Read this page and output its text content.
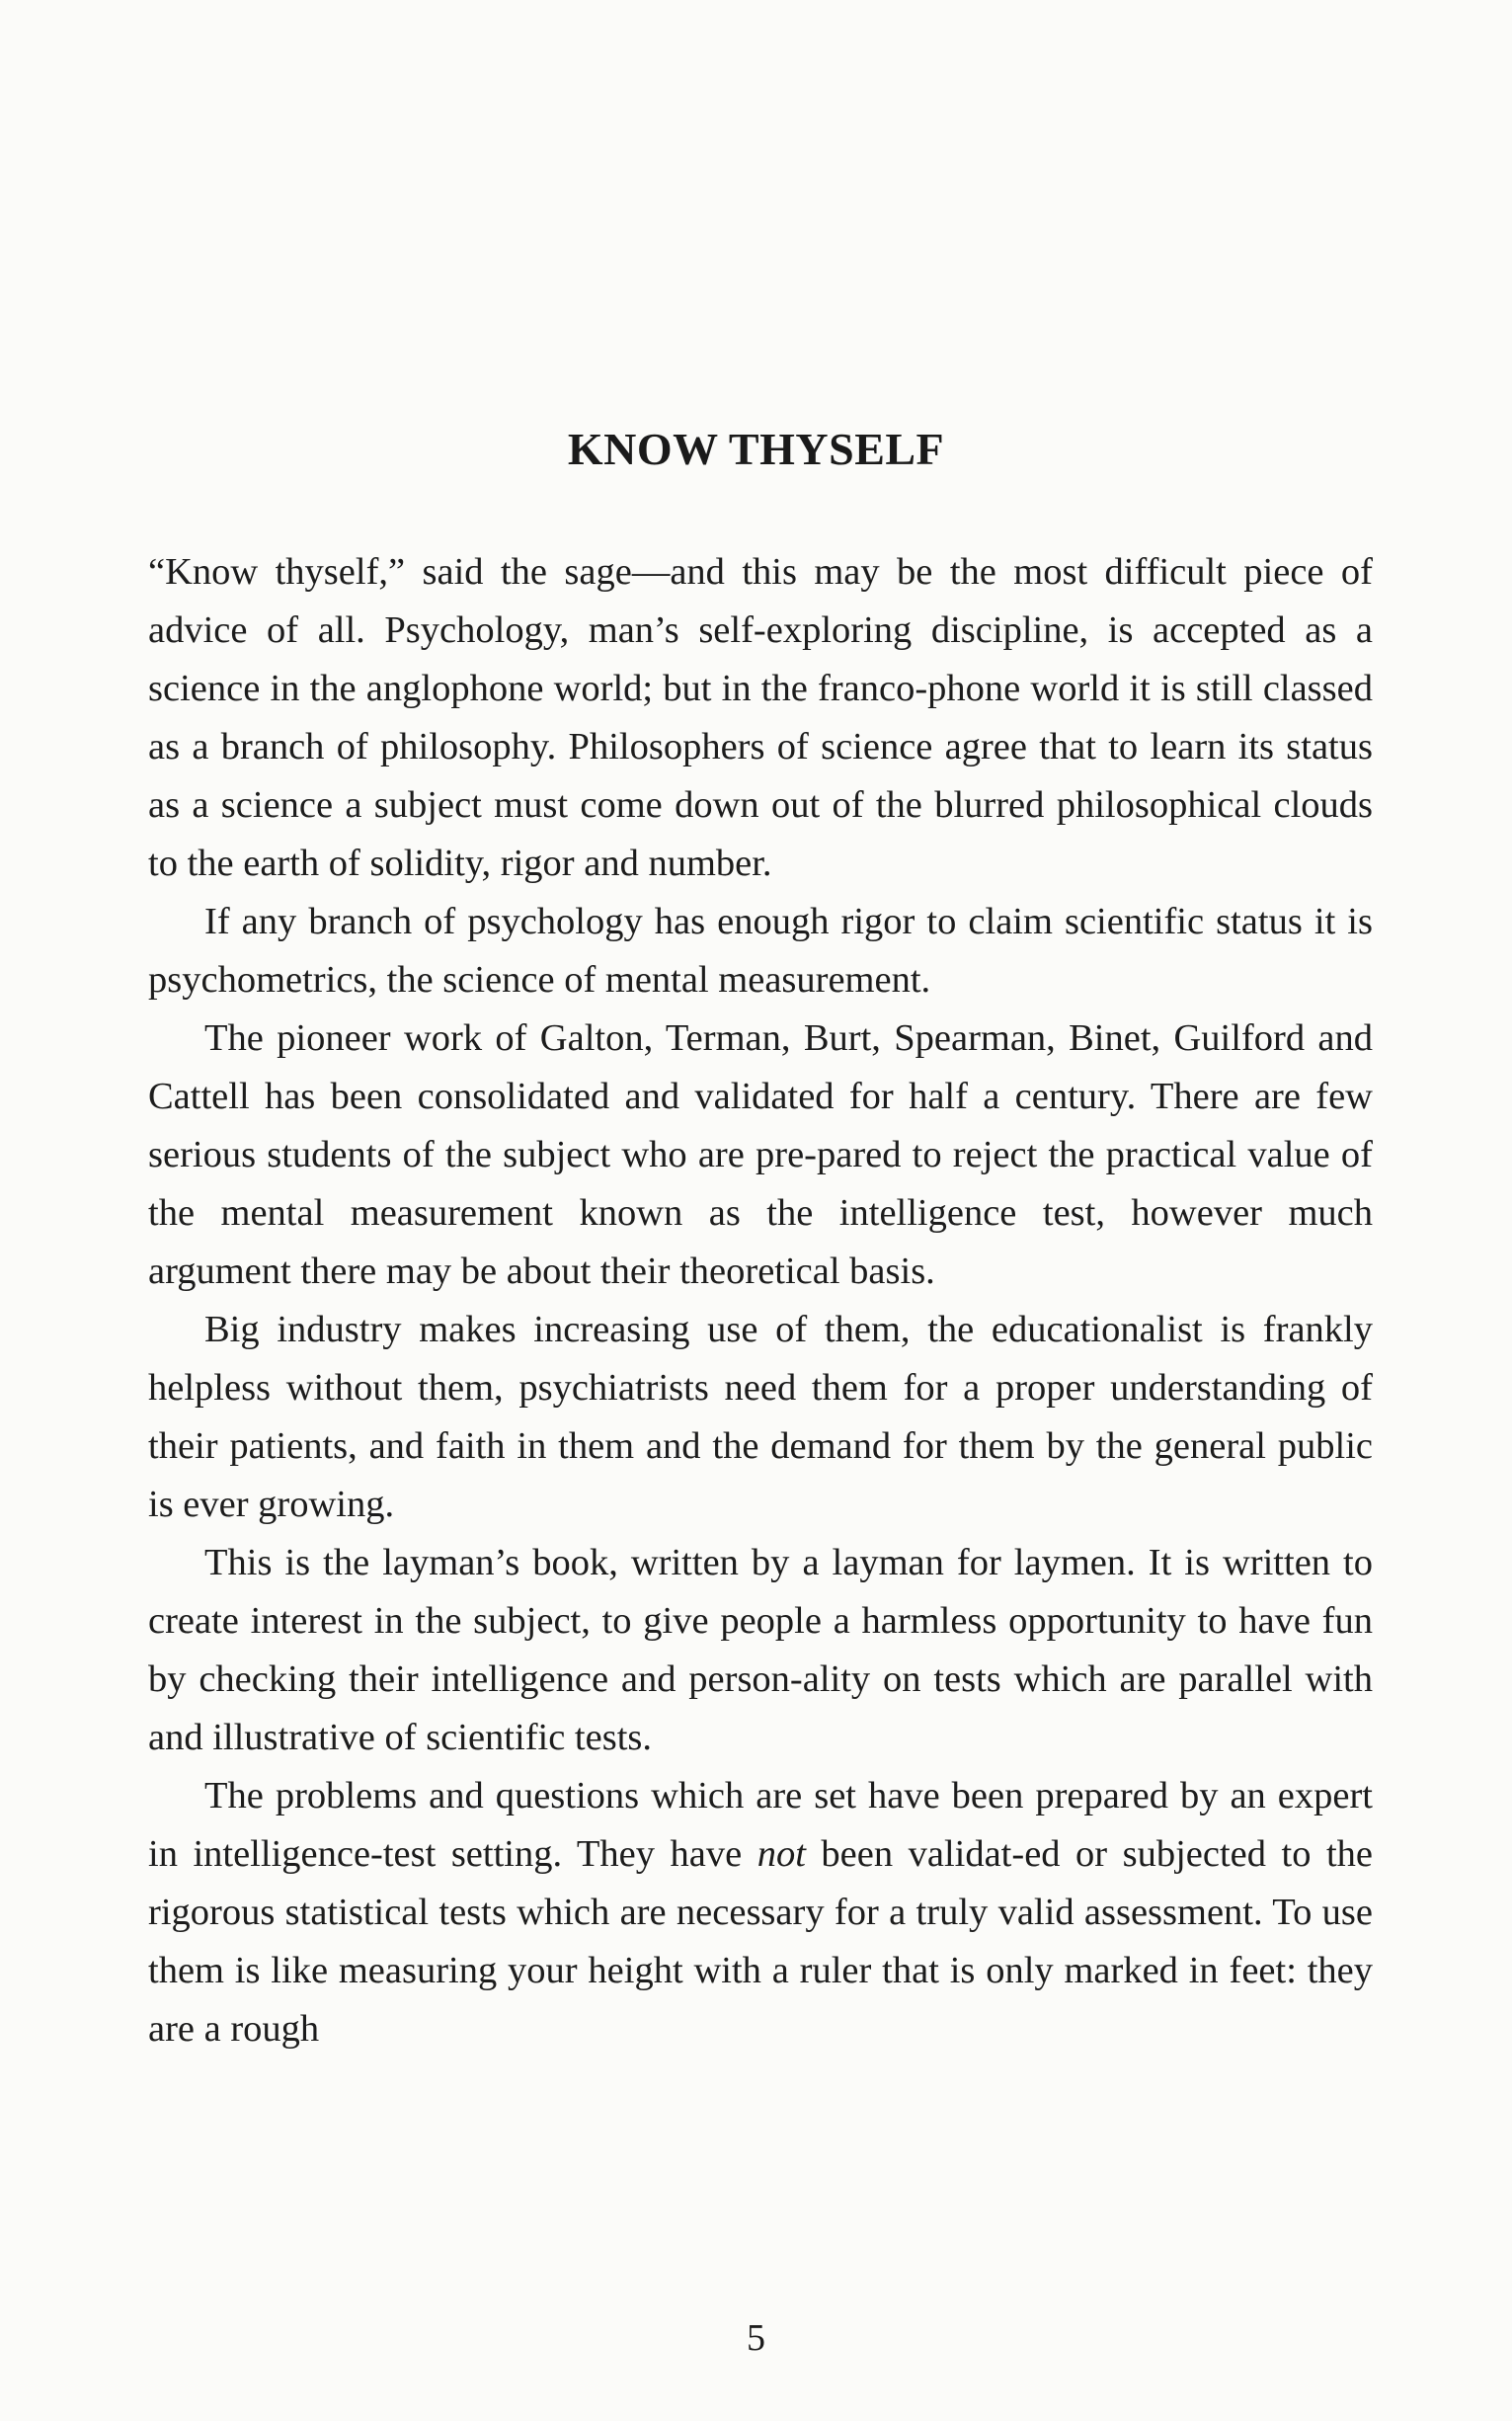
KNOW THYSELF

“Know thyself,” said the sage—and this may be the most difficult piece of advice of all. Psychology, man’s self-exploring discipline, is accepted as a science in the anglophone world; but in the franco-phone world it is still classed as a branch of philosophy. Philosophers of science agree that to learn its status as a science a subject must come down out of the blurred philosophical clouds to the earth of solidity, rigor and number.

If any branch of psychology has enough rigor to claim scientific status it is psychometrics, the science of mental measurement.

The pioneer work of Galton, Terman, Burt, Spearman, Binet, Guilford and Cattell has been consolidated and validated for half a century. There are few serious students of the subject who are pre-pared to reject the practical value of the mental measurement known as the intelligence test, however much argument there may be about their theoretical basis.

Big industry makes increasing use of them, the educationalist is frankly helpless without them, psychiatrists need them for a proper understanding of their patients, and faith in them and the demand for them by the general public is ever growing.

This is the layman’s book, written by a layman for laymen. It is written to create interest in the subject, to give people a harmless opportunity to have fun by checking their intelligence and person-ality on tests which are parallel with and illustrative of scientific tests.

The problems and questions which are set have been prepared by an expert in intelligence-test setting. They have not been validat-ed or subjected to the rigorous statistical tests which are necessary for a truly valid assessment. To use them is like measuring your height with a ruler that is only marked in feet: they are a rough

5
